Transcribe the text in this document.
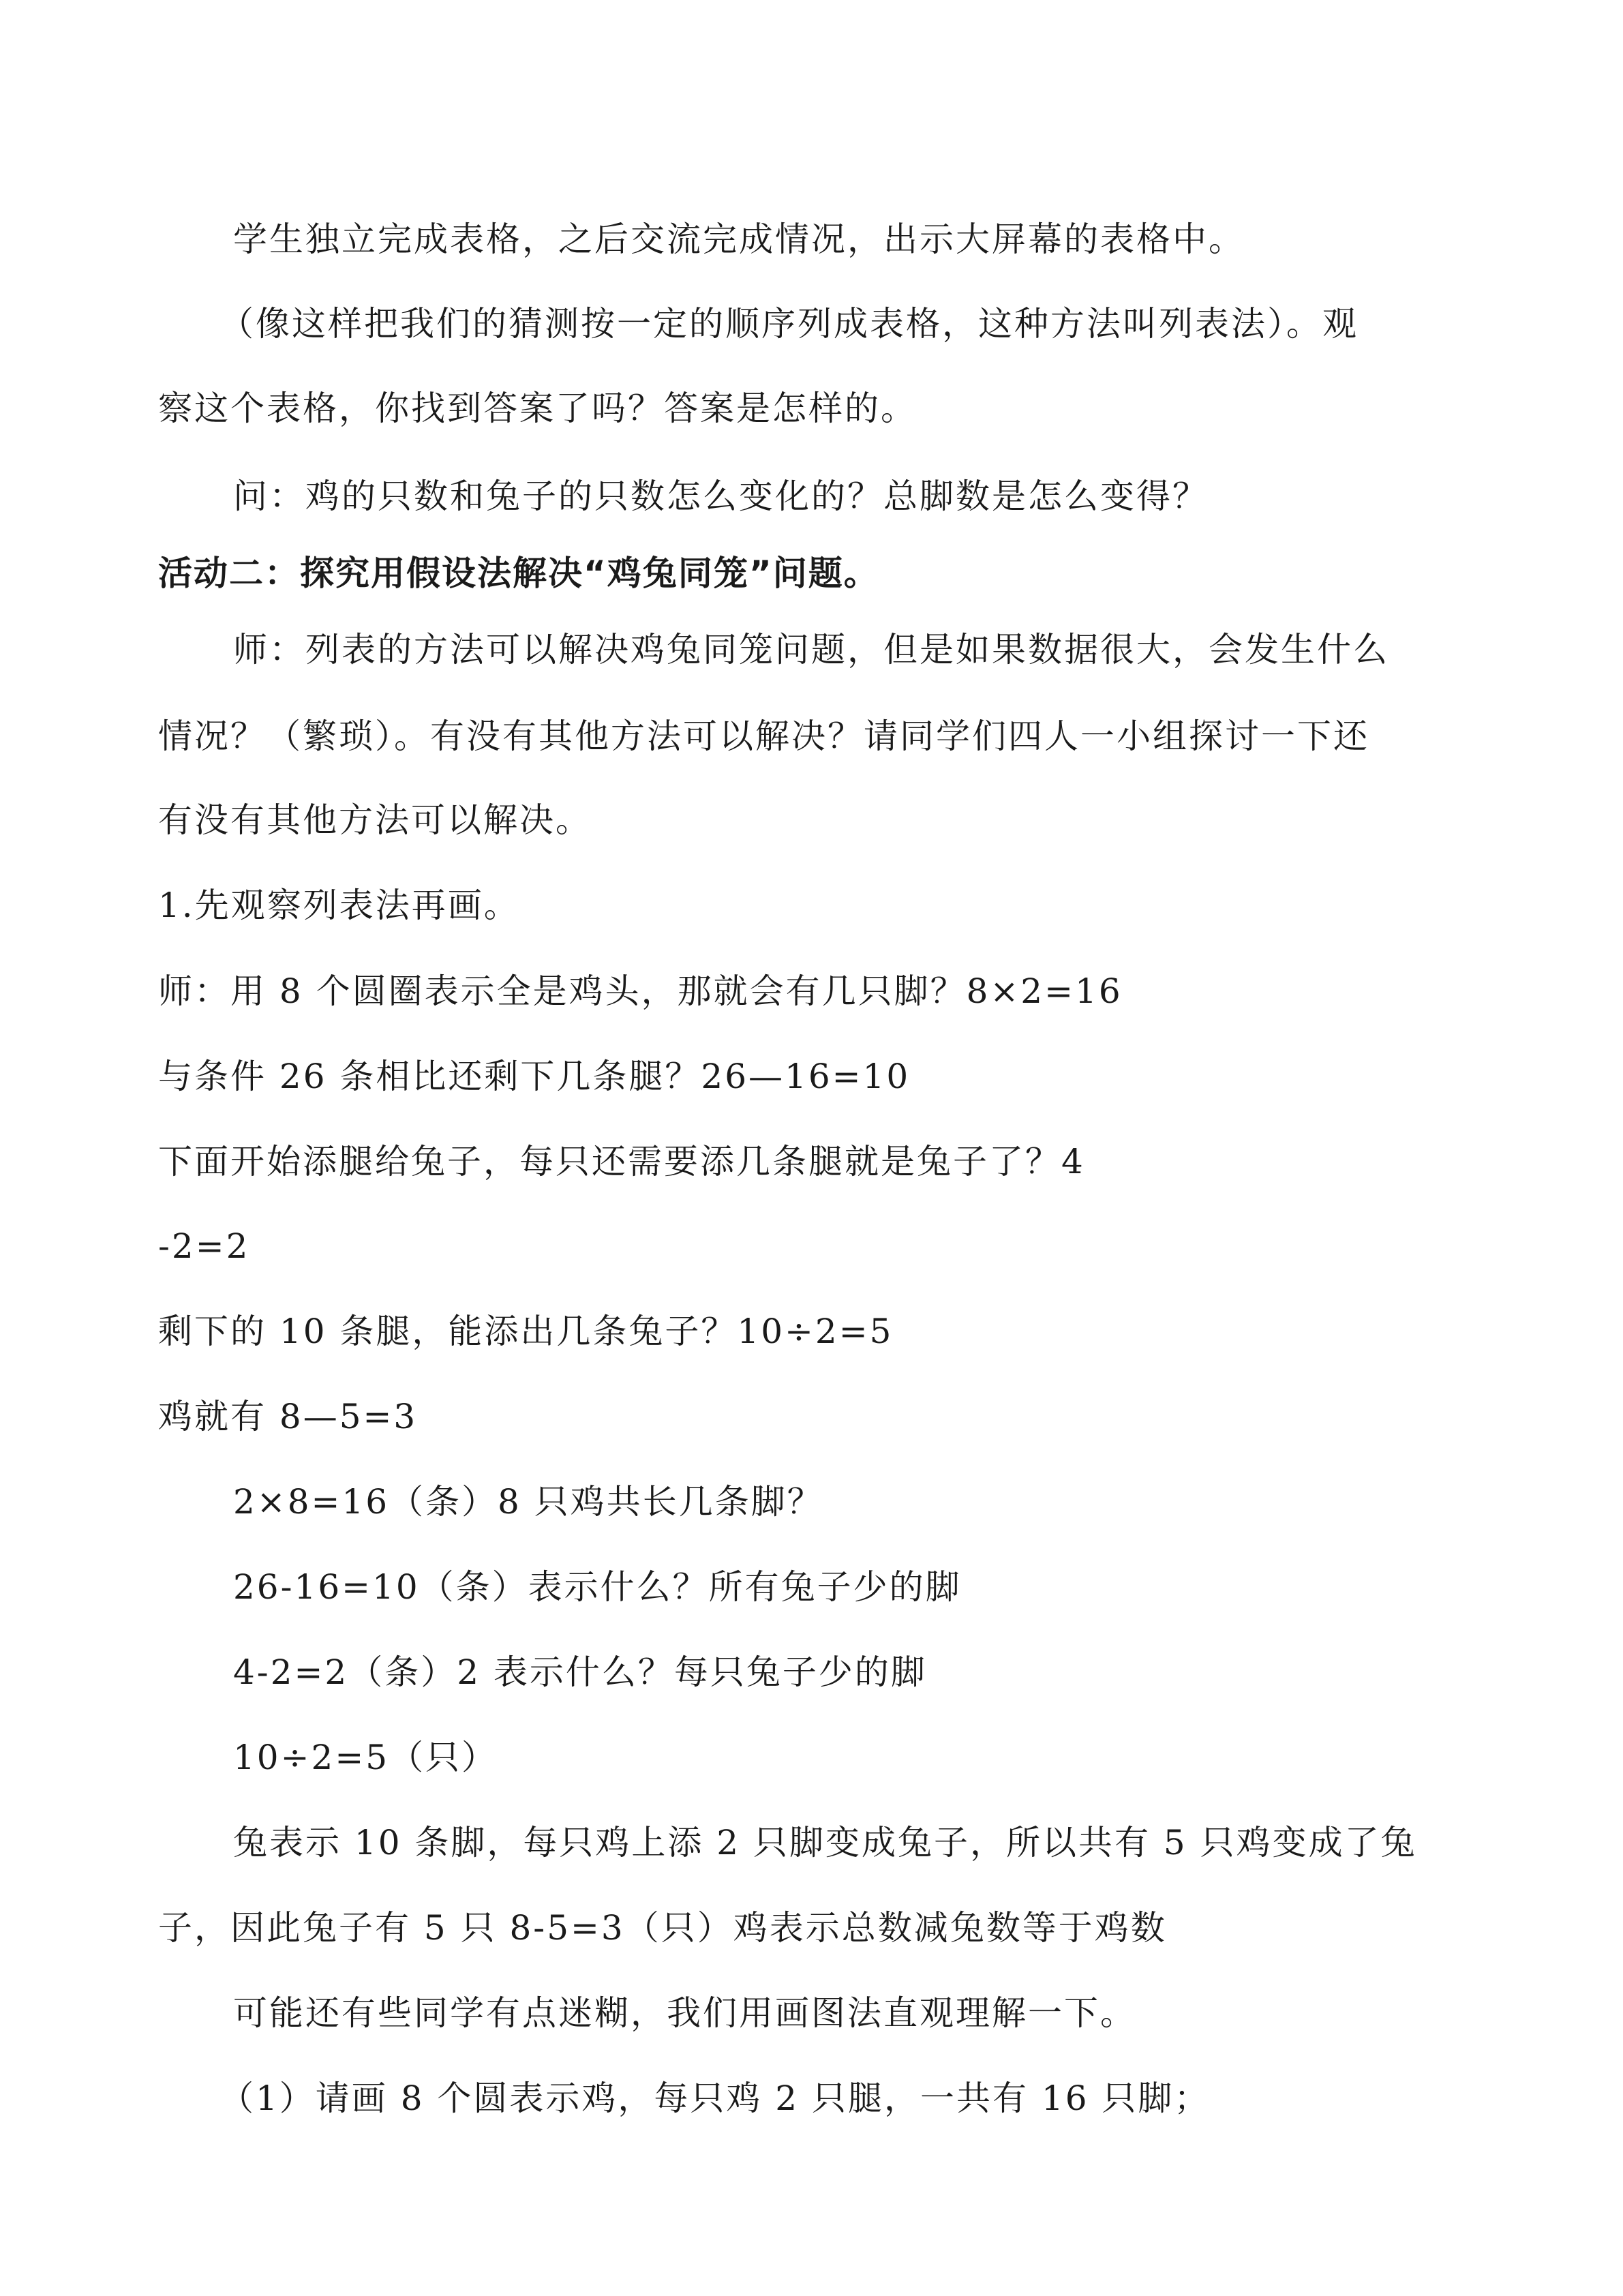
学生独立完成表格，之后交流完成情况，出示大屏幕的表格中。
（像这样把我们的猜测按一定的顺序列成表格，这种方法叫列表法）。观
察这个表格，你找到答案了吗？答案是怎样的。
问：鸡的只数和兔子的只数怎么变化的？总脚数是怎么变得？
活动二：探究用假设法解决“鸡兔同笼”问题。
师：列表的方法可以解决鸡兔同笼问题，但是如果数据很大，会发生什么
情况？（繁琐）。有没有其他方法可以解决？请同学们四人一小组探讨一下还
有没有其他方法可以解决。
1.先观察列表法再画。
师：用 8 个圆圈表示全是鸡头，那就会有几只脚？8×2=16
与条件 26 条相比还剩下几条腿？26—16=10
下面开始添腿给兔子，每只还需要添几条腿就是兔子了？4
-2=2
剩下的 10 条腿，能添出几条兔子？10÷2=5
鸡就有 8—5=3
2×8=16（条）8 只鸡共长几条脚？
26-16=10（条）表示什么？所有兔子少的脚
4-2=2（条）2 表示什么？每只兔子少的脚
10÷2=5（只）
兔表示 10 条脚，每只鸡上添 2 只脚变成兔子，所以共有 5 只鸡变成了兔
子，因此兔子有 5 只 8-5=3（只）鸡表示总数减兔数等于鸡数
可能还有些同学有点迷糊，我们用画图法直观理解一下。
（1）请画 8 个圆表示鸡，每只鸡 2 只腿，一共有 16 只脚；
